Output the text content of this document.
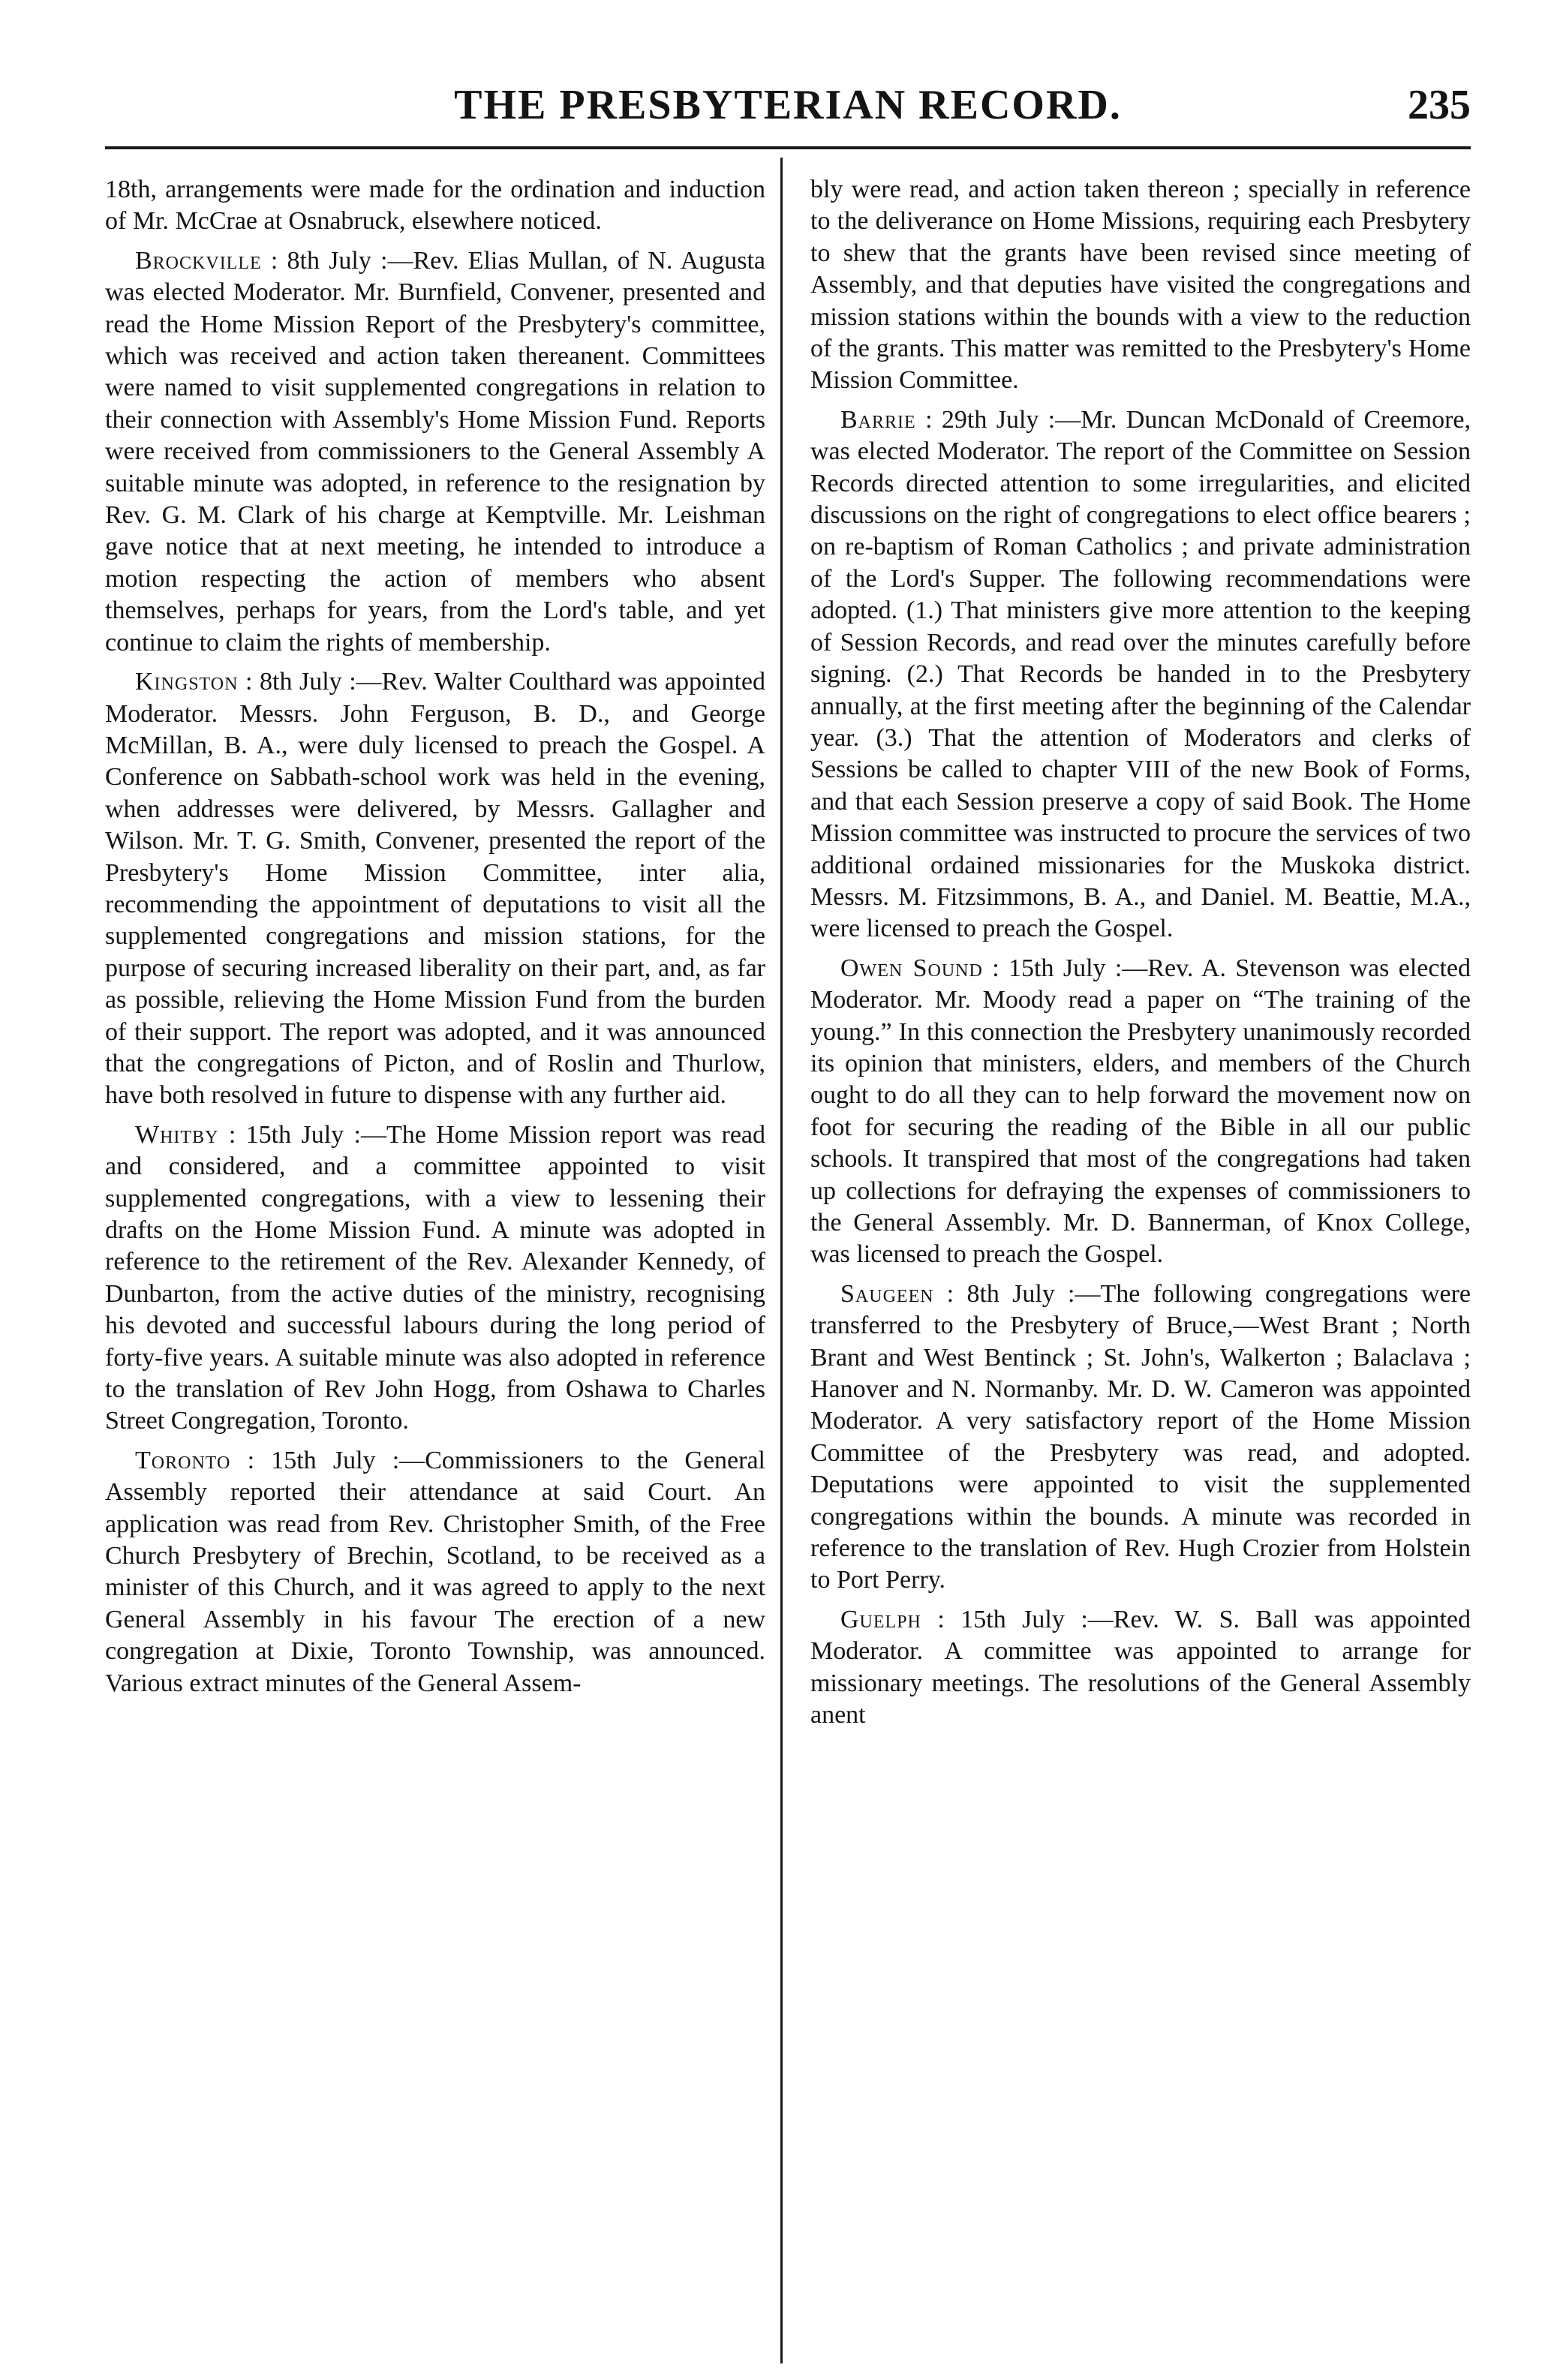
THE PRESBYTERIAN RECORD.	235

18th, arrangements were made for the ordination and induction of Mr. McCrae at Osnabruck, elsewhere noticed.

Brockville : 8th July :—Rev. Elias Mullan, of N. Augusta was elected Moderator. Mr. Burnfield, Convener, presented and read the Home Mission Report of the Presbytery's committee, which was received and action taken thereanent. Committees were named to visit supplemented congregations in relation to their connection with Assembly's Home Mission Fund. Reports were received from commissioners to the General Assembly A suitable minute was adopted, in reference to the resignation by Rev. G. M. Clark of his charge at Kemptville. Mr. Leishman gave notice that at next meeting, he intended to introduce a motion respecting the action of members who absent themselves, perhaps for years, from the Lord's table, and yet continue to claim the rights of membership.

Kingston : 8th July :—Rev. Walter Coulthard was appointed Moderator. Messrs. John Ferguson, B. D., and George McMillan, B. A., were duly licensed to preach the Gospel. A Conference on Sabbath-school work was held in the evening, when addresses were delivered, by Messrs. Gallagher and Wilson. Mr. T. G. Smith, Convener, presented the report of the Presbytery's Home Mission Committee, inter alia, recommending the appointment of deputations to visit all the supplemented congregations and mission stations, for the purpose of securing increased liberality on their part, and, as far as possible, relieving the Home Mission Fund from the burden of their support. The report was adopted, and it was announced that the congregations of Picton, and of Roslin and Thurlow, have both resolved in future to dispense with any further aid.

Whitby : 15th July :—The Home Mission report was read and considered, and a committee appointed to visit supplemented congregations, with a view to lessening their drafts on the Home Mission Fund. A minute was adopted in reference to the retirement of the Rev. Alexander Kennedy, of Dunbarton, from the active duties of the ministry, recognising his devoted and successful labours during the long period of forty-five years. A suitable minute was also adopted in reference to the translation of Rev John Hogg, from Oshawa to Charles Street Congregation, Toronto.

Toronto : 15th July :—Commissioners to the General Assembly reported their attendance at said Court. An application was read from Rev. Christopher Smith, of the Free Church Presbytery of Brechin, Scotland, to be received as a minister of this Church, and it was agreed to apply to the next General Assembly in his favour The erection of a new congregation at Dixie, Toronto Township, was announced. Various extract minutes of the General Assem-

bly were read, and action taken thereon ; specially in reference to the deliverance on Home Missions, requiring each Presbytery to shew that the grants have been revised since meeting of Assembly, and that deputies have visited the congregations and mission stations within the bounds with a view to the reduction of the grants. This matter was remitted to the Presbytery's Home Mission Committee.

Barrie : 29th July :—Mr. Duncan McDonald of Creemore, was elected Moderator. The report of the Committee on Session Records directed attention to some irregularities, and elicited discussions on the right of congregations to elect office bearers ; on re-baptism of Roman Catholics ; and private administration of the Lord's Supper. The following recommendations were adopted. (1.) That ministers give more attention to the keeping of Session Records, and read over the minutes carefully before signing. (2.) That Records be handed in to the Presbytery annually, at the first meeting after the beginning of the Calendar year. (3.) That the attention of Moderators and clerks of Sessions be called to chapter VIII of the new Book of Forms, and that each Session preserve a copy of said Book. The Home Mission committee was instructed to procure the services of two additional ordained missionaries for the Muskoka district. Messrs. M. Fitzsimmons, B. A., and Daniel. M. Beattie, M.A., were licensed to preach the Gospel.

Owen Sound : 15th July :—Rev. A. Stevenson was elected Moderator. Mr. Moody read a paper on “The training of the young.” In this connection the Presbytery unanimously recorded its opinion that ministers, elders, and members of the Church ought to do all they can to help forward the movement now on foot for securing the reading of the Bible in all our public schools. It transpired that most of the congregations had taken up collections for defraying the expenses of commissioners to the General Assembly. Mr. D. Bannerman, of Knox College, was licensed to preach the Gospel.

Saugeen : 8th July :—The following congregations were transferred to the Presbytery of Bruce,—West Brant ; North Brant and West Bentinck ; St. John's, Walkerton ; Balaclava ; Hanover and N. Normanby. Mr. D. W. Cameron was appointed Moderator. A very satisfactory report of the Home Mission Committee of the Presbytery was read, and adopted. Deputations were appointed to visit the supplemented congregations within the bounds. A minute was recorded in reference to the translation of Rev. Hugh Crozier from Holstein to Port Perry.

Guelph : 15th July :—Rev. W. S. Ball was appointed Moderator. A committee was appointed to arrange for missionary meetings. The resolutions of the General Assembly anent
